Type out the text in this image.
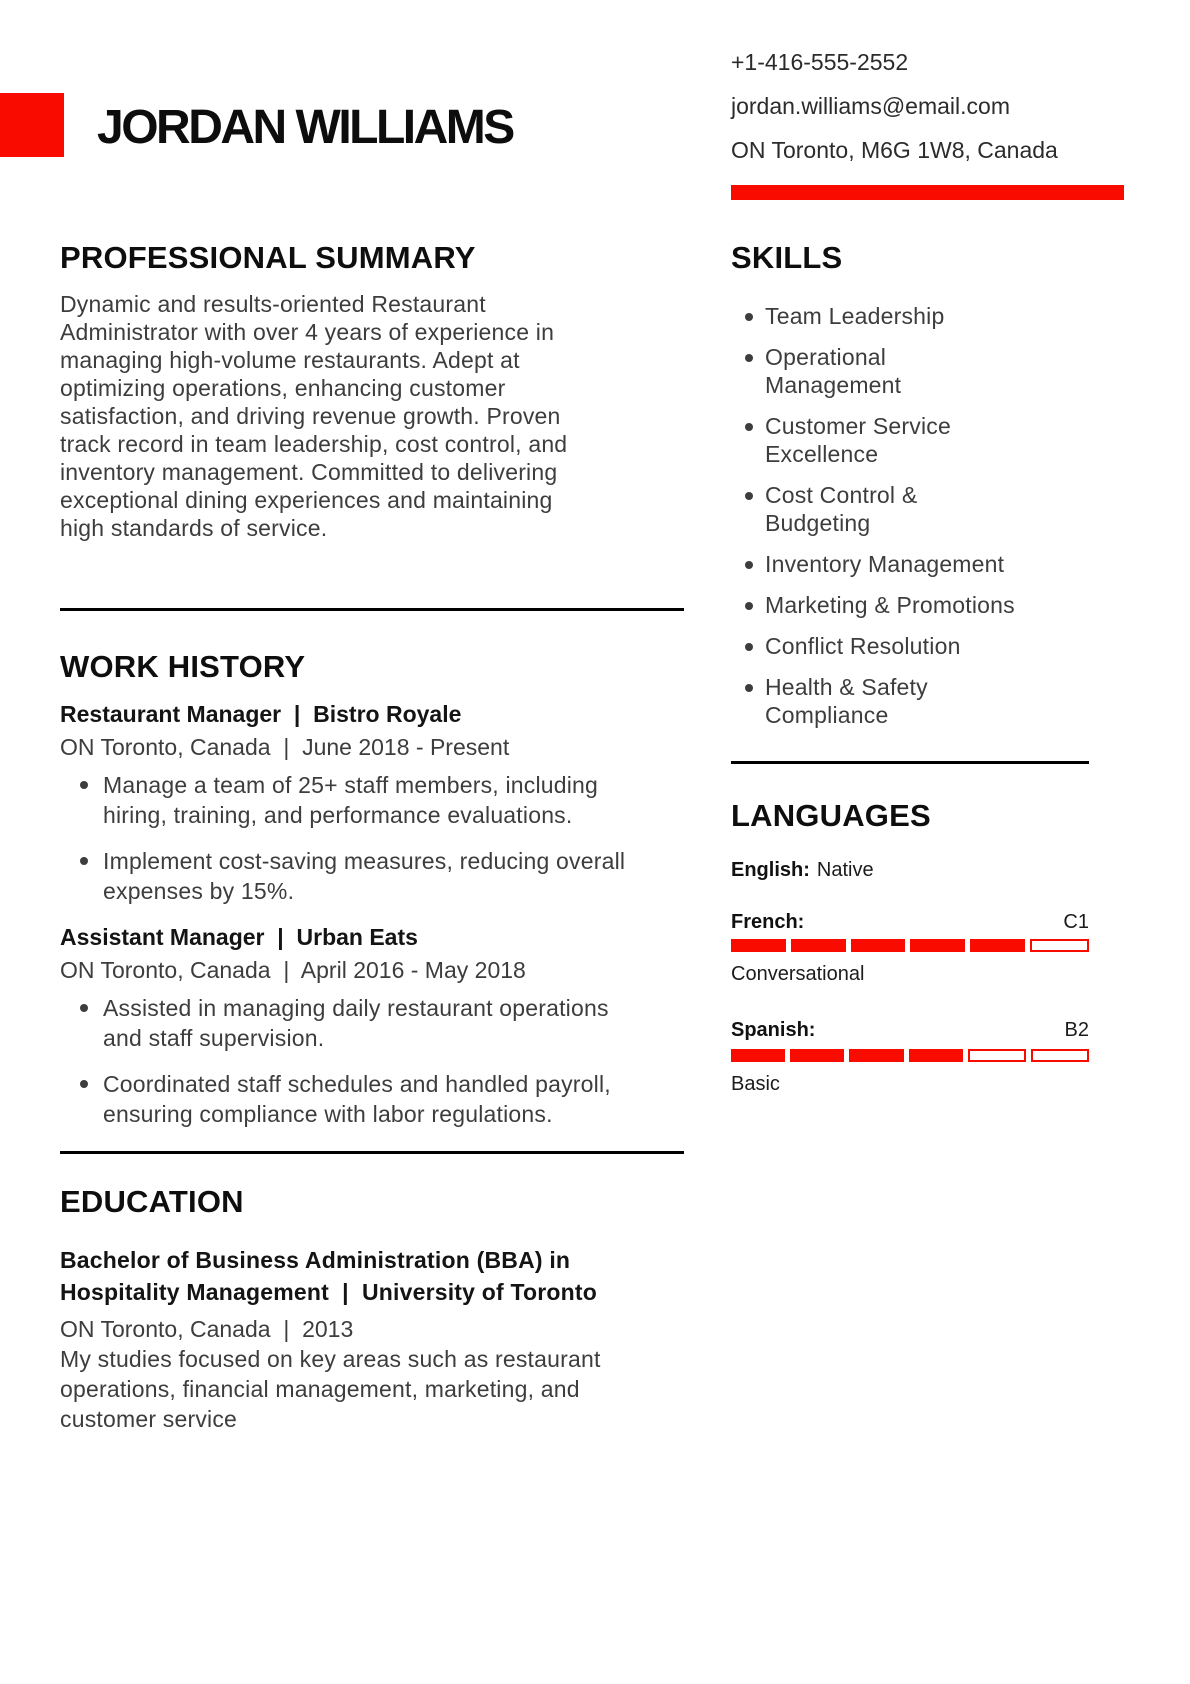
JORDAN WILLIAMS
+1-416-555-2552
jordan.williams@email.com
ON Toronto, M6G 1W8, Canada
PROFESSIONAL SUMMARY
Dynamic and results-oriented Restaurant
Administrator with over 4 years of experience in
managing high-volume restaurants. Adept at
optimizing operations, enhancing customer
satisfaction, and driving revenue growth. Proven
track record in team leadership, cost control, and
inventory management. Committed to delivering
exceptional dining experiences and maintaining
high standards of service.
WORK HISTORY
Restaurant Manager  |  Bistro Royale
ON Toronto, Canada  |  June 2018 - Present
Manage a team of 25+ staff members, including
hiring, training, and performance evaluations.
Implement cost-saving measures, reducing overall
expenses by 15%.
Assistant Manager  |  Urban Eats
ON Toronto, Canada  |  April 2016 - May 2018
Assisted in managing daily restaurant operations
and staff supervision.
Coordinated staff schedules and handled payroll,
ensuring compliance with labor regulations.
EDUCATION
Bachelor of Business Administration (BBA) in
Hospitality Management  |  University of Toronto
ON Toronto, Canada  |  2013
My studies focused on key areas such as restaurant
operations, financial management, marketing, and
customer service
SKILLS
Team Leadership
Operational Management
Customer Service Excellence
Cost Control & Budgeting
Inventory Management
Marketing & Promotions
Conflict Resolution
Health & Safety Compliance
LANGUAGES
English: Native
French:	C1
Conversational
Spanish:	B2
Basic
